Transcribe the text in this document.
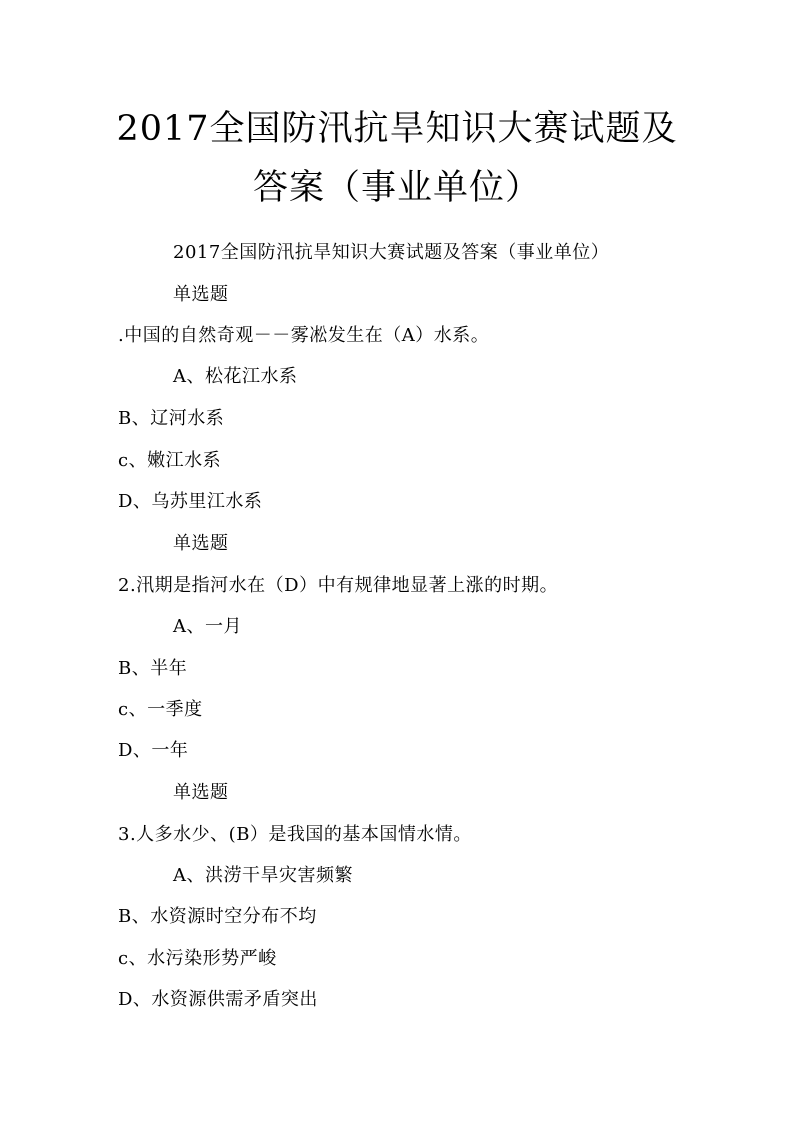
2017全国防汛抗旱知识大赛试题及
答案（事业单位）
2017全国防汛抗旱知识大赛试题及答案（事业单位）
单选题
.中国的自然奇观－－雾凇发生在（A）水系。
A、松花江水系
B、辽河水系
c、嫩江水系
D、乌苏里江水系
单选题
2.汛期是指河水在（D）中有规律地显著上涨的时期。
A、一月
B、半年
c、一季度
D、一年
单选题
3.人多水少、(B）是我国的基本国情水情。
A、洪涝干旱灾害频繁
B、水资源时空分布不均
c、水污染形势严峻
D、水资源供需矛盾突出
